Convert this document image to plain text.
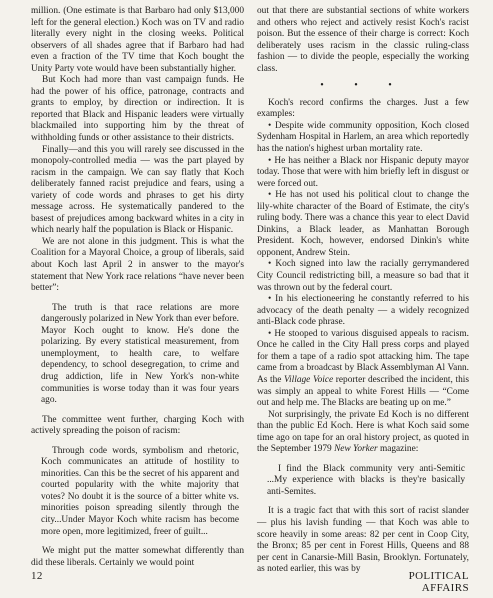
million. (One estimate is that Barbaro had only $13,000 left for the general election.) Koch was on TV and radio literally every night in the closing weeks. Political observers of all shades agree that if Barbaro had had even a fraction of the TV time that Koch bought the Unity Party vote would have been substantially higher.

But Koch had more than vast campaign funds. He had the power of his office, patronage, contracts and grants to employ, by direction or indirection. It is reported that Black and Hispanic leaders were virtually blackmailed into supporting him by the threat of withholding funds or other assistance to their districts.

Finally—and this you will rarely see discussed in the monopoly-controlled media — was the part played by racism in the campaign. We can say flatly that Koch deliberately fanned racist prejudice and fears, using a variety of code words and phrases to get his dirty message across. He systematically pandered to the basest of prejudices among backward whites in a city in which nearly half the population is Black or Hispanic.

We are not alone in this judgment. This is what the Coalition for a Mayoral Choice, a group of liberals, said about Koch last April 2 in answer to the mayor's statement that New York race relations “have never been better”:

The truth is that race relations are more dangerously polarized in New York than ever before. Mayor Koch ought to know. He's done the polarizing. By every statistical measurement, from unemployment, to health care, to welfare dependency, to school desegregation, to crime and drug addiction, life in New York's non-white communities is worse today than it was four years ago.

The committee went further, charging Koch with actively spreading the poison of racism:

Through code words, symbolism and rhetoric, Koch communicates an attitude of hostility to minorities. Can this be the secret of his apparent and courted popularity with the white majority that votes? No doubt it is the source of a bitter white vs. minorities poison spreading silently through the city...Under Mayor Koch white racism has become more open, more legitimized, freer of guilt...

We might put the matter somewhat differently than did these liberals. Certainly we would point

out that there are substantial sections of white workers and others who reject and actively resist Koch's racist poison. But the essence of their charge is correct: Koch deliberately uses racism in the classic ruling-class fashion — to divide the people, especially the working class.

• • •

Koch's record confirms the charges. Just a few examples:

• Despite wide community opposition, Koch closed Sydenham Hospital in Harlem, an area which reportedly has the nation's highest urban mortality rate.

• He has neither a Black nor Hispanic deputy mayor today. Those that were with him briefly left in disgust or were forced out.

• He has not used his political clout to change the lily-white character of the Board of Estimate, the city's ruling body. There was a chance this year to elect David Dinkins, a Black leader, as Manhattan Borough President. Koch, however, endorsed Dinkin's white opponent, Andrew Stein.

• Koch signed into law the racially gerrymandered City Council redistricting bill, a measure so bad that it was thrown out by the federal court.

• In his electioneering he constantly referred to his advocacy of the death penalty — a widely recognized anti-Black code phrase.

• He stooped to various disguised appeals to racism. Once he called in the City Hall press corps and played for them a tape of a radio spot attacking him. The tape came from a broadcast by Black Assemblyman Al Vann. As the Village Voice reporter described the incident, this was simply an appeal to white Forest Hills — “Come out and help me. The Blacks are beating up on me.”

Not surprisingly, the private Ed Koch is no different than the public Ed Koch. Here is what Koch said some time ago on tape for an oral history project, as quoted in the September 1979 New Yorker magazine:

I find the Black community very anti-Semitic ...My experience with blacks is they're basically anti-Semites.

It is a tragic fact that with this sort of racist slander — plus his lavish funding — that Koch was able to score heavily in some areas: 82 per cent in Coop City, the Bronx; 85 per cent in Forest Hills, Queens and 88 per cent in Canarsie-Mill Basin, Brooklyn. Fortunately, as noted earlier, this was by

12	POLITICAL AFFAIRS
